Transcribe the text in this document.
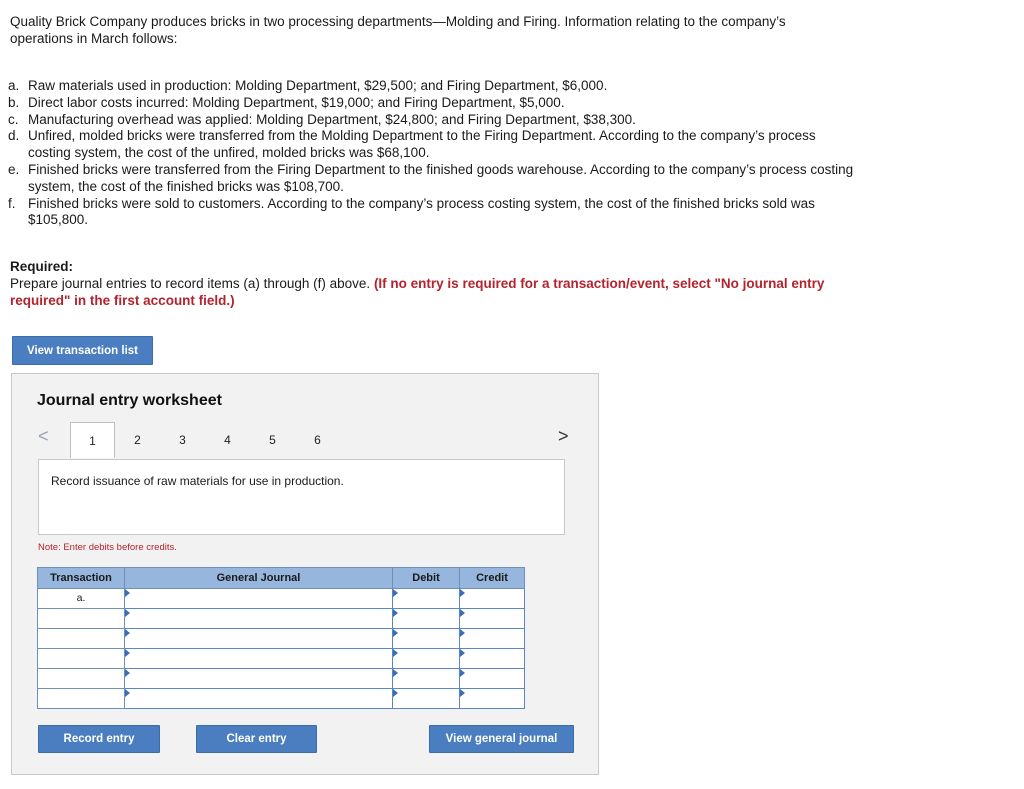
Quality Brick Company produces bricks in two processing departments—Molding and Firing. Information relating to the company’s operations in March follows:
a. Raw materials used in production: Molding Department, $29,500; and Firing Department, $6,000.
b. Direct labor costs incurred: Molding Department, $19,000; and Firing Department, $5,000.
c. Manufacturing overhead was applied: Molding Department, $24,800; and Firing Department, $38,300.
d. Unfired, molded bricks were transferred from the Molding Department to the Firing Department. According to the company’s process costing system, the cost of the unfired, molded bricks was $68,100.
e. Finished bricks were transferred from the Firing Department to the finished goods warehouse. According to the company’s process costing system, the cost of the finished bricks was $108,700.
f. Finished bricks were sold to customers. According to the company’s process costing system, the cost of the finished bricks sold was $105,800.
Required:
Prepare journal entries to record items (a) through (f) above. (If no entry is required for a transaction/event, select "No journal entry required" in the first account field.)
View transaction list
Journal entry worksheet
<	1	2	3	4	5	6	>
Record issuance of raw materials for use in production.
Note: Enter debits before credits.
Transaction	General Journal	Debit	Credit
a.			

Record entry	Clear entry	View general journal
